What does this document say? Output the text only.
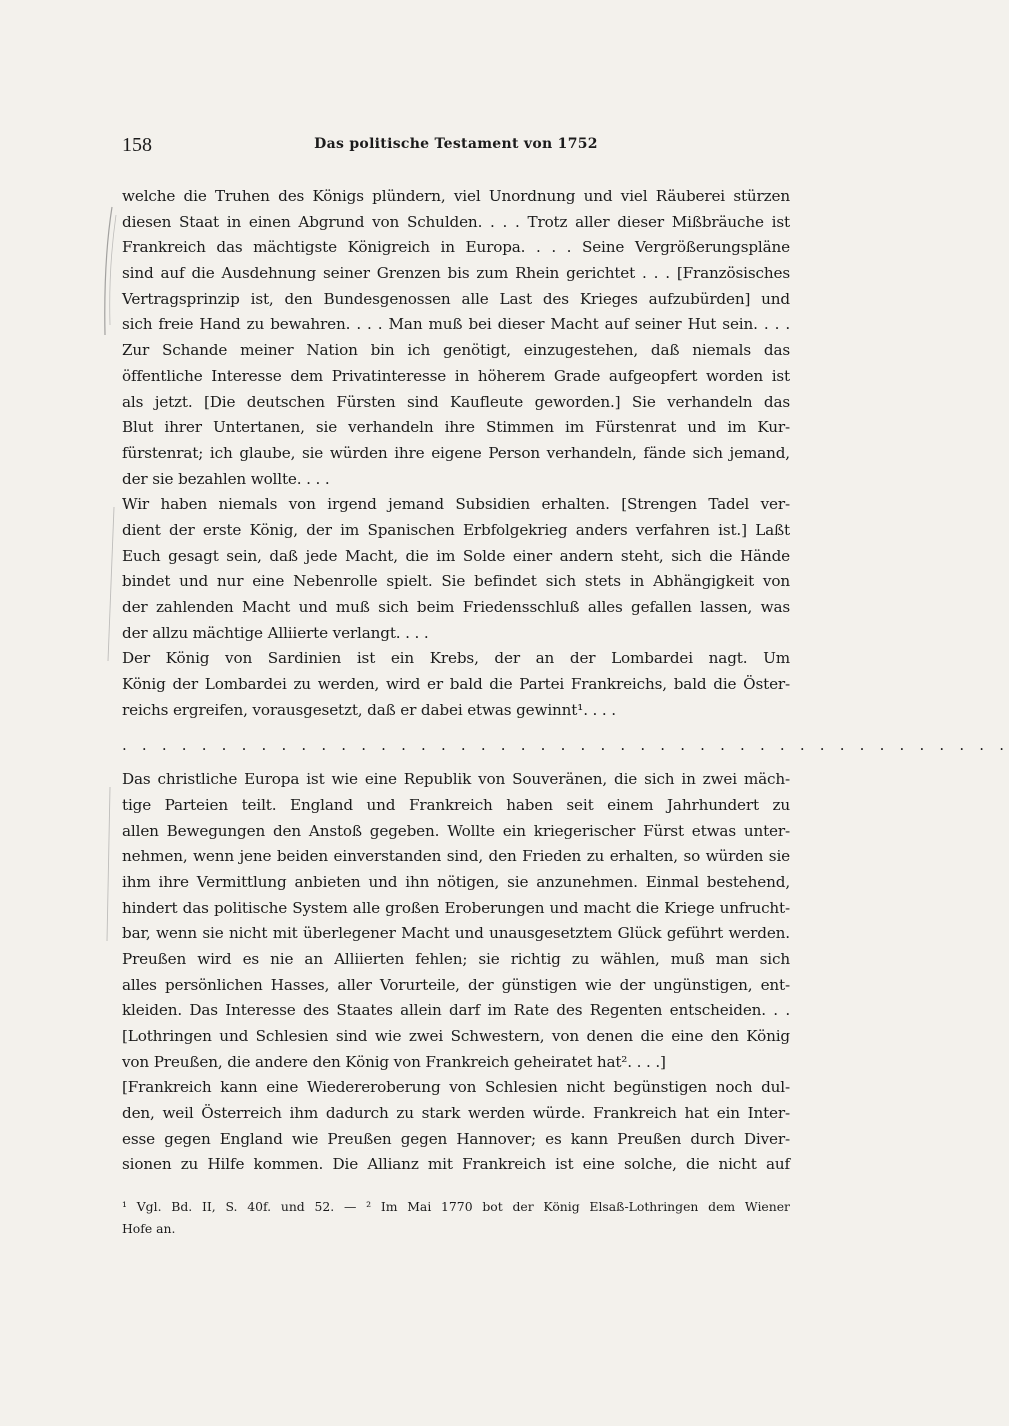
158	Das politische Testament von 1752
welche die Truhen des Königs plündern, viel Unordnung und viel Räuberei stürzen
diesen Staat in einen Abgrund von Schulden. . . . Trotz aller dieser Mißbräuche ist
Frankreich das mächtigste Königreich in Europa. . . . Seine Vergrößerungspläne
sind auf die Ausdehnung seiner Grenzen bis zum Rhein gerichtet . . . [Französisches
Vertragsprinzip ist, den Bundesgenossen alle Last des Krieges aufzubürden] und
sich freie Hand zu bewahren. . . . Man muß bei dieser Macht auf seiner Hut sein. . . .
Zur Schande meiner Nation bin ich genötigt, einzugestehen, daß niemals das
öffentliche Interesse dem Privatinteresse in höherem Grade aufgeopfert worden ist
als jetzt. [Die deutschen Fürsten sind Kaufleute geworden.] Sie verhandeln das
Blut ihrer Untertanen, sie verhandeln ihre Stimmen im Fürstenrat und im Kur-
fürstenrat; ich glaube, sie würden ihre eigene Person verhandeln, fände sich jemand,
der sie bezahlen wollte. . . .
Wir haben niemals von irgend jemand Subsidien erhalten. [Strengen Tadel ver-
dient der erste König, der im Spanischen Erbfolgekrieg anders verfahren ist.] Laßt
Euch gesagt sein, daß jede Macht, die im Solde einer andern steht, sich die Hände
bindet und nur eine Nebenrolle spielt. Sie befindet sich stets in Abhängigkeit von
der zahlenden Macht und muß sich beim Friedensschluß alles gefallen lassen, was
der allzu mächtige Alliierte verlangt. . . .
Der König von Sardinien ist ein Krebs, der an der Lombardei nagt. Um
König der Lombardei zu werden, wird er bald die Partei Frankreichs, bald die Öster-
reichs ergreifen, vorausgesetzt, daß er dabei etwas gewinnt¹. . . .
. . . . . . . . . . . . . . . . . . . . . . . . . . . . . . . . . . . . . . . . . . . . .
Das christliche Europa ist wie eine Republik von Souveränen, die sich in zwei mäch-
tige Parteien teilt. England und Frankreich haben seit einem Jahrhundert zu
allen Bewegungen den Anstoß gegeben. Wollte ein kriegerischer Fürst etwas unter-
nehmen, wenn jene beiden einverstanden sind, den Frieden zu erhalten, so würden sie
ihm ihre Vermittlung anbieten und ihn nötigen, sie anzunehmen. Einmal bestehend,
hindert das politische System alle großen Eroberungen und macht die Kriege unfrucht-
bar, wenn sie nicht mit überlegener Macht und unausgesetztem Glück geführt werden.
Preußen wird es nie an Alliierten fehlen; sie richtig zu wählen, muß man sich
alles persönlichen Hasses, aller Vorurteile, der günstigen wie der ungünstigen, ent-
kleiden. Das Interesse des Staates allein darf im Rate des Regenten entscheiden. . .
[Lothringen und Schlesien sind wie zwei Schwestern, von denen die eine den König
von Preußen, die andere den König von Frankreich geheiratet hat². . . .]
[Frankreich kann eine Wiedereroberung von Schlesien nicht begünstigen noch dul-
den, weil Österreich ihm dadurch zu stark werden würde. Frankreich hat ein Inter-
esse gegen England wie Preußen gegen Hannover; es kann Preußen durch Diver-
sionen zu Hilfe kommen. Die Allianz mit Frankreich ist eine solche, die nicht auf
¹ Vgl. Bd. II, S. 40f. und 52. — ² Im Mai 1770 bot der König Elsaß-Lothringen dem Wiener
Hofe an.
